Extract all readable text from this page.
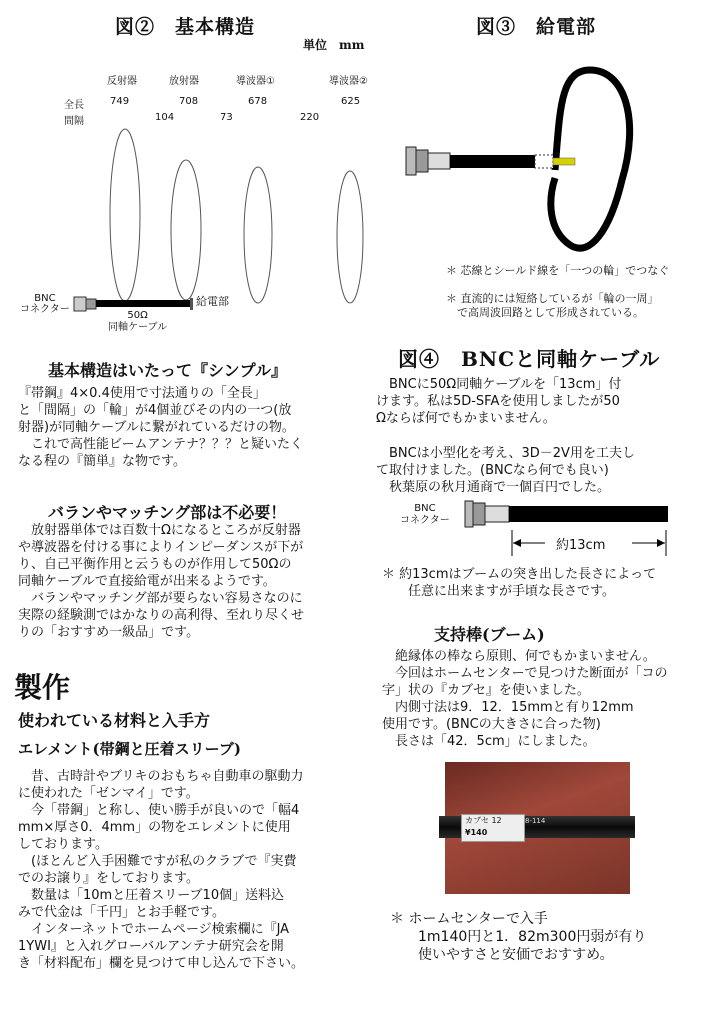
図②　基本構造
単位　mm
反射器	放射器	導波器①	導波器②
全長	749	708	678	625
間隔	104	73	220
BNC
コネクター
給電部
50Ω
同軸ケーブル
図③　給電部
＊ 芯線とシールド線を「一つの輪」でつなぐ
＊ 直流的には短絡しているが「輪の一周」
　で高周波回路として形成されている。
基本構造はいたって『シンプル』
『帯鋼』4×0.4使用で寸法通りの「全長」
と「間隔」の「輪」が4個並びその内の一つ(放
射器)が同軸ケーブルに繋がれているだけの物。
　これで高性能ビームアンテナ？？？と疑いたく
なる程の『簡単』な物です。
バランやマッチング部は不必要！
　放射器単体では百数十Ωになるところが反射器
や導波器を付ける事によりインピーダンスが下が
り、自己平衡作用と云うものが作用して50Ωの
同軸ケーブルで直接給電が出来るようです。
　バランやマッチング部が要らない容易さなのに
実際の経験測ではかなりの高利得、至れり尽くせ
りの「おすすめ一級品」です。
製作
使われている材料と入手方
エレメント(帯鋼と圧着スリーブ)
　昔、古時計やブリキのおもちゃ自動車の駆動力
に使われた「ゼンマイ」です。
　今「帯鋼」と称し、使い勝手が良いので「幅4
mm×厚さ0．4mm」の物をエレメントに使用
しております。
　(ほとんど入手困難ですが私のクラブで『実費
でのお譲り』をしております。
　数量は「10mと圧着スリーブ10個」送料込
みで代金は「千円」とお手軽です。
　インターネットでホームページ検索欄に『JA
1YWI』と入れグローバルアンテナ研究会を開
き「材料配布」欄を見つけて申し込んで下さい。
図④　BNCと同軸ケーブル
　BNCに50Ω同軸ケーブルを「13cm」付
けます。私は5D-SFAを使用しましたが50
Ωならば何でもかまいません。
　BNCは小型化を考え、3D－2V用を工夫し
て取付けました。(BNCなら何でも良い)
　秋葉原の秋月通商で一個百円でした。
BNC
コネクター
約13cm
＊ 約13cmはブームの突き出した長さによって
　　任意に出来ますが手頃な長さです。
支持棒(ブーム)
　絶縁体の棒なら原則、何でもかまいません。
　今回はホームセンターで見つけた断面が「コの
字」状の『カブセ』を使いました。
　内側寸法は9．12．15mmと有り12mm
使用です。(BNCの大きさに合った物)
　長さは「42．5cm」にしました。
カブセ 12
¥140
8-114
＊ ホームセンターで入手
　　1m140円と1．82m300円弱が有り
　　使いやすさと安価でおすすめ。
